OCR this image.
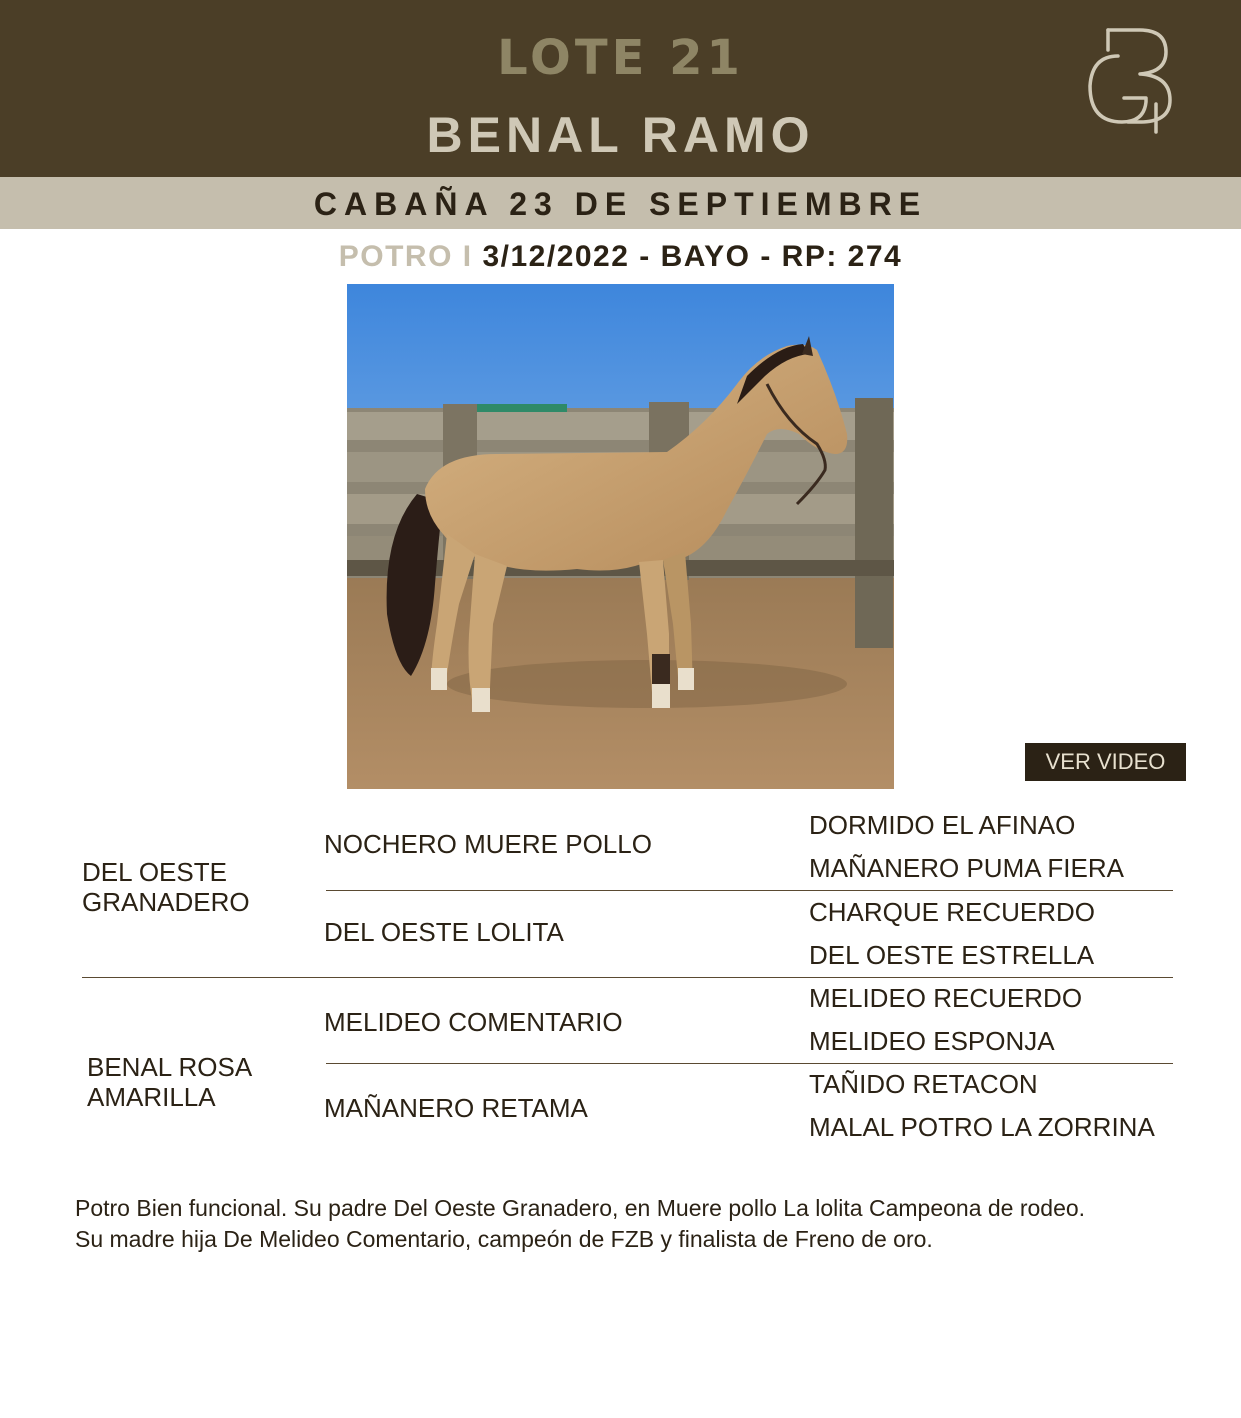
LOTE 21
BENAL RAMO
CABAÑA 23 DE SEPTIEMBRE
POTRO I 3/12/2022 - BAYO - RP: 274
VER VIDEO
DEL OESTE
GRANADERO
BENAL ROSA
AMARILLA
NOCHERO MUERE POLLO
DEL OESTE LOLITA
MELIDEO COMENTARIO
MAÑANERO RETAMA
DORMIDO EL AFINAO
MAÑANERO PUMA FIERA
CHARQUE RECUERDO
DEL OESTE ESTRELLA
MELIDEO RECUERDO
MELIDEO ESPONJA
TAÑIDO RETACON
MALAL POTRO LA ZORRINA
Potro Bien funcional. Su padre Del Oeste Granadero, en Muere pollo La lolita Campeona de rodeo.
Su madre hija De Melideo Comentario, campeón de FZB y finalista de Freno de oro.
